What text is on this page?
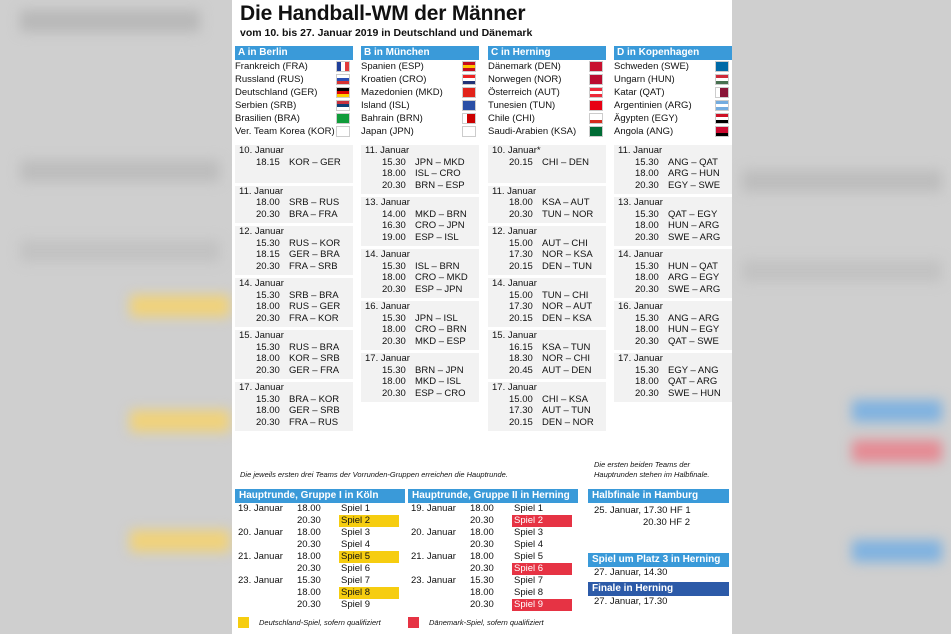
Die Handball-WM der Männer
vom 10. bis 27. Januar 2019 in Deutschland und Dänemark
A in Berlin
Frankreich (FRA)
Russland (RUS)
Deutschland (GER)
Serbien (SRB)
Brasilien (BRA)
Ver. Team Korea (KOR)
B in München
Spanien (ESP)
Kroatien (CRO)
Mazedonien (MKD)
Island (ISL)
Bahrain (BRN)
Japan (JPN)
C in Herning
Dänemark (DEN)
Norwegen (NOR)
Österreich (AUT)
Tunesien (TUN)
Chile (CHI)
Saudi-Arabien (KSA)
D in Kopenhagen
Schweden (SWE)
Ungarn (HUN)
Katar (QAT)
Argentinien (ARG)
Ägypten (EGY)
Angola (ANG)
10. Januar
18.15 KOR – GER
11. Januar
18.00 SRB – RUS
20.30 BRA – FRA
12. Januar
15.30 RUS – KOR
18.15 GER – BRA
20.30 FRA – SRB
14. Januar
15.30 SRB – BRA
18.00 RUS – GER
20.30 FRA – KOR
15. Januar
15.30 RUS – BRA
18.00 KOR – SRB
20.30 GER – FRA
17. Januar
15.30 BRA – KOR
18.00 GER – SRB
20.30 FRA – RUS
11. Januar
15.30 JPN – MKD
18.00 ISL – CRO
20.30 BRN – ESP
13. Januar
14.00 MKD – BRN
16.30 CRO – JPN
19.00 ESP – ISL
14. Januar
15.30 ISL – BRN
18.00 CRO – MKD
20.30 ESP – JPN
16. Januar
15.30 JPN – ISL
18.00 CRO – BRN
20.30 MKD – ESP
17. Januar
15.30 BRN – JPN
18.00 MKD – ISL
20.30 ESP – CRO
10. Januar*
20.15 CHI – DEN
11. Januar
18.00 KSA – AUT
20.30 TUN – NOR
12. Januar
15.00 AUT – CHI
17.30 NOR – KSA
20.15 DEN – TUN
14. Januar
15.00 TUN – CHI
17.30 NOR – AUT
20.15 DEN – KSA
15. Januar
16.15 KSA – TUN
18.30 NOR – CHI
20.45 AUT – DEN
17. Januar
15.00 CHI – KSA
17.30 AUT – TUN
20.15 DEN – NOR
11. Januar
15.30 ANG – QAT
18.00 ARG – HUN
20.30 EGY – SWE
13. Januar
15.30 QAT – EGY
18.00 HUN – ARG
20.30 SWE – ARG
14. Januar
15.30 HUN – QAT
18.00 ARG – EGY
20.30 SWE – ARG
16. Januar
15.30 ANG – ARG
18.00 HUN – EGY
20.30 QAT – SWE
17. Januar
15.30 EGY – ANG
18.00 QAT – ARG
20.30 SWE – HUN
Die jeweils ersten drei Teams der Vorrunden-Gruppen erreichen die Hauptrunde.
Die ersten beiden Teams der Hauptrunden stehen im Halbfinale.
Hauptrunde, Gruppe I in Köln
19. Januar 18.00 Spiel 1
20.30 Spiel 2
20. Januar 18.00 Spiel 3
20.30 Spiel 4
21. Januar 18.00 Spiel 5
20.30 Spiel 6
23. Januar 15.30 Spiel 7
18.00 Spiel 8
20.30 Spiel 9
Hauptrunde, Gruppe II in Herning
19. Januar 18.00 Spiel 1
20.30 Spiel 2
20. Januar 18.00 Spiel 3
20.30 Spiel 4
21. Januar 18.00 Spiel 5
20.30 Spiel 6
23. Januar 15.30 Spiel 7
18.00 Spiel 8
20.30 Spiel 9
Halbfinale in Hamburg
25. Januar, 17.30 HF 1
20.30 HF 2
Spiel um Platz 3 in Herning
27. Januar, 14.30
Finale in Herning
27. Januar, 17.30
Deutschland-Spiel, sofern qualifiziert	Dänemark-Spiel, sofern qualifiziert
